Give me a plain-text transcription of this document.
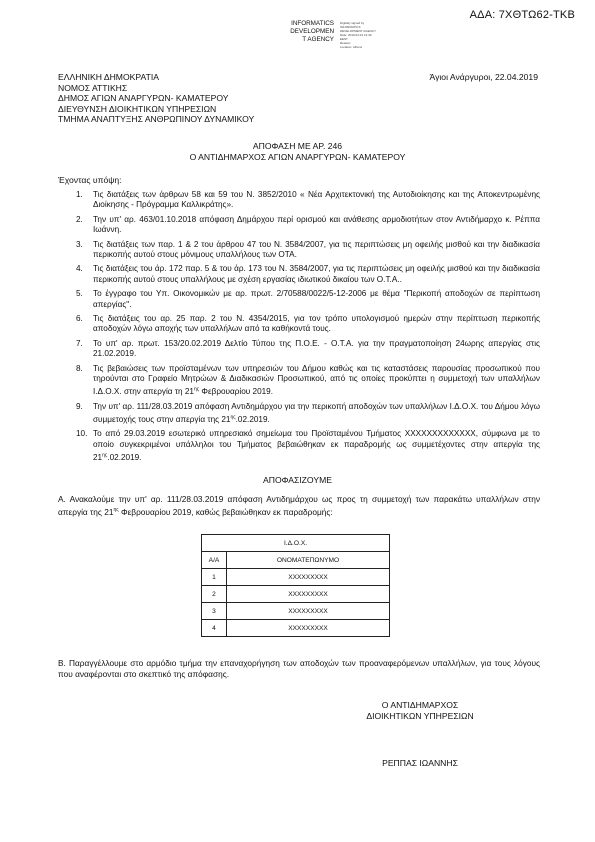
ΑΔΑ: 7ΧΘΤΩ62-ΤΚΒ
INFORMATICS
DEVELOPMEN
T AGENCY
Digitally signed by
INFORMATICS
DEVELOPMENT AGENCY
Date: 2019.04.23 13:49
EEST
Reason:
Location: Athens
ΕΛΛΗΝΙΚΗ ΔΗΜΟΚΡΑΤΙΑ
ΝΟΜΟΣ ΑΤΤΙΚΗΣ
ΔΗΜΟΣ ΑΓΙΩΝ ΑΝΑΡΓΥΡΩΝ- ΚΑΜΑΤΕΡΟΥ
ΔΙΕΥΘΥΝΣΗ ΔΙΟΙΚΗΤΙΚΩΝ ΥΠΗΡΕΣΙΩΝ
ΤΜΗΜΑ ΑΝΑΠΤΥΞΗΣ ΑΝΘΡΩΠΙΝΟΥ ΔΥΝΑΜΙΚΟΥ
Άγιοι Ανάργυροι, 22.04.2019
ΑΠΟΦΑΣΗ ΜΕ ΑΡ. 246
Ο ΑΝΤΙΔΗΜΑΡΧΟΣ ΑΓΙΩΝ ΑΝΑΡΓΥΡΩΝ- ΚΑΜΑΤΕΡΟΥ
Έχοντας υπόψη:
1. Τις διατάξεις των άρθρων 58 και 59 του Ν. 3852/2010 « Νέα Αρχιτεκτονική της Αυτοδιοίκησης και της Αποκεντρωμένης Διοίκησης - Πρόγραμμα Καλλικράτης».
2. Την υπ' αρ. 463/01.10.2018 απόφαση Δημάρχου περί ορισμού και ανάθεσης αρμοδιοτήτων στον Αντιδήμαρχο κ. Ρέππα Ιωάννη.
3. Τις διατάξεις των παρ. 1 & 2 του άρθρου 47 του Ν. 3584/2007, για τις περιπτώσεις μη οφειλής μισθού και την διαδικασία περικοπής αυτού στους μόνιμους υπαλλήλους των ΟΤΑ.
4. Τις διατάξεις του άρ. 172 παρ. 5 & του άρ. 173 του Ν. 3584/2007, για τις περιπτώσεις μη οφειλής μισθού και την διαδικασία περικοπής αυτού στους υπαλλήλους με σχέση εργασίας ιδιωτικού δικαίου των Ο.Τ.Α..
5. Το έγγραφο του Υπ. Οικονομικών με αρ. πρωτ. 2/70588/0022/5-12-2006 με θέμα "Περικοπή αποδοχών σε περίπτωση απεργίας".
6. Τις διατάξεις του αρ. 25 παρ. 2 του Ν. 4354/2015, για τον τρόπο υπολογισμού ημερών στην περίπτωση περικοπής αποδοχών λόγω αποχής των υπαλλήλων από τα καθήκοντά τους.
7. Το υπ' αρ. πρωτ. 153/20.02.2019 Δελτίο Τύπου της Π.Ο.Ε. - Ο.Τ.Α. για την πραγματοποίηση 24ωρης απεργίας στις 21.02.2019.
8. Τις βεβαιώσεις των προϊσταμένων των υπηρεσιών του Δήμου καθώς και τις καταστάσεις παρουσίας προσωπικού που τηρούνται στο Γραφείο Μητρώων & Διαδικασιών Προσωπικού, από τις οποίες προκύπτει η συμμετοχή των υπαλλήλων Ι.Δ.Ο.Χ. στην απεργία τη $21^{\eta\varsigma}$ Φεβρουαρίου 2019.
9. Την υπ' αρ. 111/28.03.2019 απόφαση Αντιδημάρχου για την περικοπή αποδοχών των υπαλλήλων Ι.Δ.Ο.Χ. του Δήμου λόγω συμμετοχής τους στην απεργία της $21^{\eta\varsigma}.02.2019$.
10. Το από 29.03.2019 εσωτερικό υπηρεσιακό σημείωμα του Προϊσταμένου Τμήματος ΧΧΧΧΧΧΧΧΧΧΧΧΧ, σύμφωνα με το οποίο συγκεκριμένοι υπάλληλοι του Τμήματος βεβαιώθηκαν εκ παραδρομής ως συμμετέχοντες στην απεργία της $21^{\eta\varsigma}.02.2019$.
ΑΠΟΦΑΣΙΖΟΥΜΕ
Α. Ανακαλούμε την υπ' αρ. 111/28.03.2019 απόφαση Αντιδημάρχου ως προς τη συμμετοχή των παρακάτω υπαλλήλων στην απεργία της $21^{\eta\varsigma}$ Φεβρουαρίου 2019, καθώς βεβαιώθηκαν εκ παραδρομής:
Ι.Δ.Ο.Χ.	
Α/Α	ΟΝΟΜΑΤΕΠΩΝΥΜΟ
1	ΧΧΧΧΧΧΧΧΧ
2	ΧΧΧΧΧΧΧΧΧ
3	ΧΧΧΧΧΧΧΧΧ
4	ΧΧΧΧΧΧΧΧΧ
Β. Παραγγέλλουμε στο αρμόδιο τμήμα την επαναχορήγηση των αποδοχών των προαναφερόμενων υπαλλήλων, για τους λόγους που αναφέρονται στο σκεπτικό της απόφασης.
Ο ΑΝΤΙΔΗΜΑΡΧΟΣ
ΔΙΟΙΚΗΤΙΚΩΝ ΥΠΗΡΕΣΙΩΝ
ΡΕΠΠΑΣ ΙΩΑΝΝΗΣ
